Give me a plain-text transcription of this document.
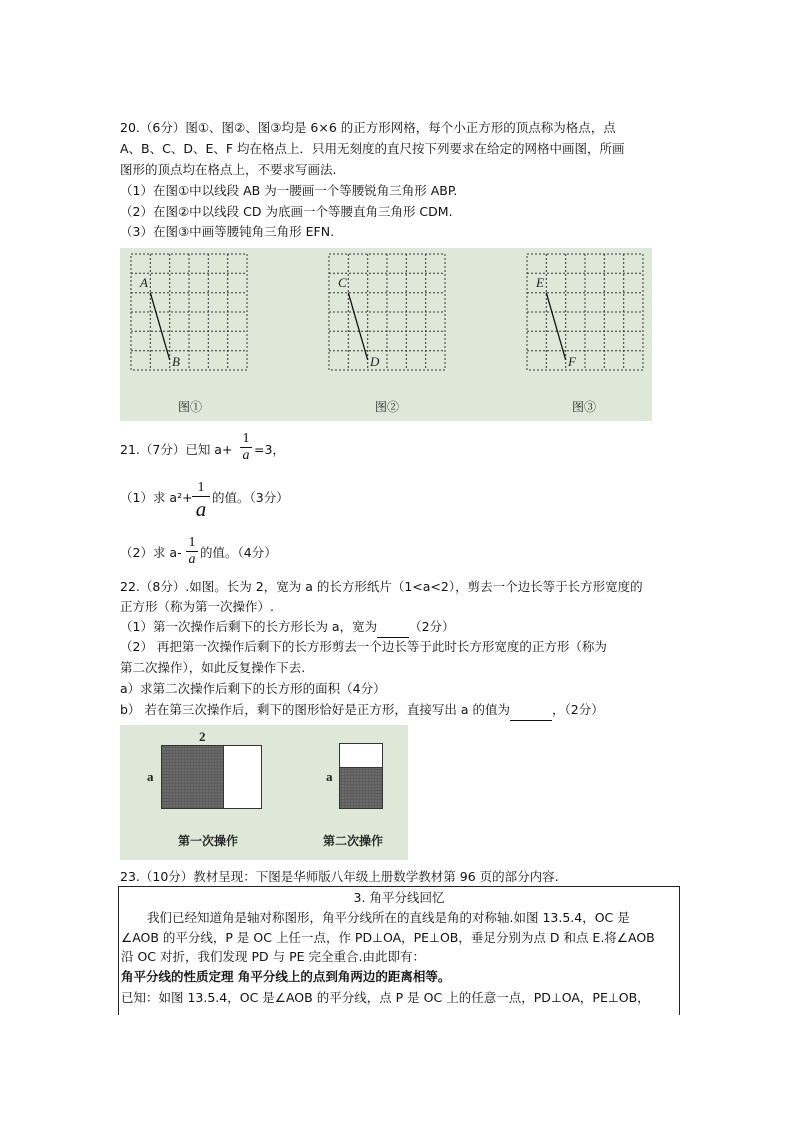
20.（6分）图①、图②、图③均是 6×6 的正方形网格，每个小正方形的顶点称为格点，点
A、B、C、D、E、F 均在格点上．只用无刻度的直尺按下列要求在给定的网格中画图，所画
图形的顶点均在格点上，不要求写画法.
（1）在图①中以线段 AB 为一腰画一个等腰锐角三角形 ABP.
（2）在图②中以线段 CD 为底画一个等腰直角三角形 CDM.
（3）在图③中画等腰钝角三角形 EFN.
A
B
图①
C
D
图②
E
F
图③
21.（7分）已知 a+
1
a =3，
（1）求 a²+
1
a 的值。（3分）
（2）求 a-
1
a 的值。（4分）
22.（8分）.如图。长为 2，宽为 a 的长方形纸片（1<a<2），剪去一个边长等于长方形宽度的
正方形（称为第一次操作）.
（1）第一次操作后剩下的长方形长为 a，宽为	（2分）
（2） 再把第一次操作后剩下的长方形剪去一个边长等于此时长方形宽度的正方形（称为
第二次操作），如此反复操作下去.
a）求第二次操作后剩下的长方形的面积（4分）
b） 若在第三次操作后，剩下的图形恰好是正方形，直接写出 a 的值为	，（2分）
2
a
第一次操作
a
第二次操作
23.（10分）教材呈现：下图是华师版八年级上册数学教材第 96 页的部分内容.
3. 角平分线回忆
我们已经知道角是轴对称图形，角平分线所在的直线是角的对称轴.如图 13.5.4，OC 是
∠AOB 的平分线，P 是 OC 上任一点，作 PD⊥OA，PE⊥OB，垂足分别为点 D 和点 E.将∠AOB
沿 OC 对折，我们发现 PD 与 PE 完全重合.由此即有：
角平分线的性质定理 角平分线上的点到角两边的距离相等。
已知：如图 13.5.4，OC 是∠AOB 的平分线，点 P 是 OC 上的任意一点，PD⊥OA，PE⊥OB，
